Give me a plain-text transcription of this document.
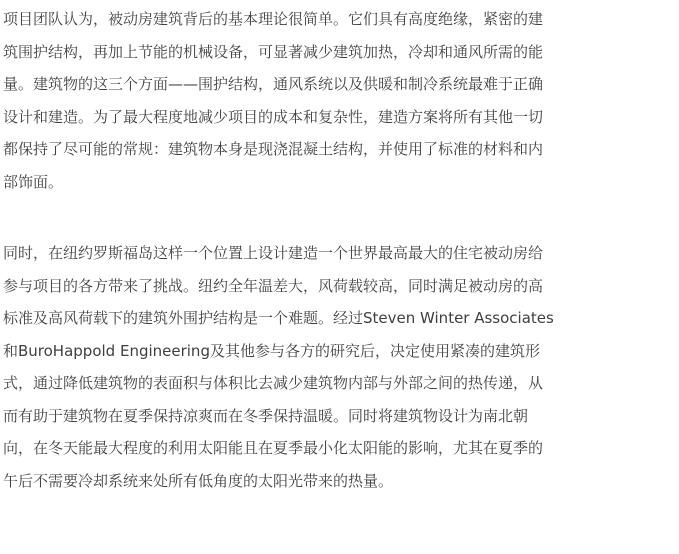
项目团队认为，被动房建筑背后的基本理论很简单。它们具有高度绝缘，紧密的建
筑围护结构，再加上节能的机械设备，可显著减少建筑加热，冷却和通风所需的能
量。建筑物的这三个方面——围护结构，通风系统以及供暖和制冷系统最难于正确
设计和建造。为了最大程度地减少项目的成本和复杂性，建造方案将所有其他一切
都保持了尽可能的常规：建筑物本身是现浇混凝土结构，并使用了标准的材料和内
部饰面。

同时，在纽约罗斯福岛这样一个位置上设计建造一个世界最高最大的住宅被动房给
参与项目的各方带来了挑战。纽约全年温差大，风荷载较高，同时满足被动房的高
标准及高风荷载下的建筑外围护结构是一个难题。经过Steven Winter Associates
和BuroHappold Engineering及其他参与各方的研究后，决定使用紧凑的建筑形
式，通过降低建筑物的表面积与体积比去减少建筑物内部与外部之间的热传递，从
而有助于建筑物在夏季保持凉爽而在冬季保持温暖。同时将建筑物设计为南北朝
向，在冬天能最大程度的利用太阳能且在夏季最小化太阳能的影响，尤其在夏季的
午后不需要冷却系统来处所有低角度的太阳光带来的热量。
